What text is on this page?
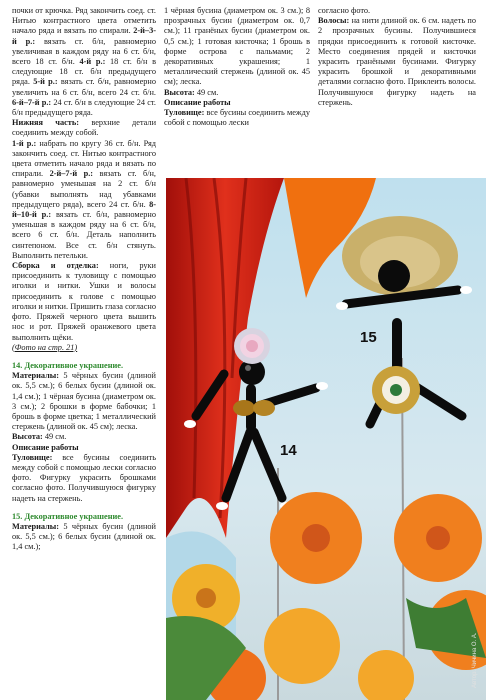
почки от крючка. Ряд закончить соед. ст. Нитью контрастного цвета отметить начало ряда и вязать по спирали. 2-й–3-й р.: вязать ст. б/н, равномерно увеличивая в каждом ряду на 6 ст. б/н, всего 18 ст. б/н. 4-й р.: 18 ст. б/н в следующие 18 ст. б/н предыдущего ряда. 5-й р.: вязать ст. б/н, равномерно увеличить на 6 ст. б/н, всего 24 ст. б/н. 6-й–7-й р.: 24 ст. б/н в следующие 24 ст. б/н предыдущего ряда.

Нижняя часть: верхние детали соединить между собой.

1-й р.: набрать по кругу 36 ст. б/н. Ряд закончить соед. ст. Нитью контрастного цвета отметить начало ряда и вязать по спирали. 2-й–7-й р.: вязать ст. б/н, равномерно уменьшая на 2 ст. б/н (убавки выполнять над убавками предыдущего ряда), всего 24 ст. б/н. 8-й–10-й р.: вязать ст. б/н, равномерно уменьшая в каждом ряду на 6 ст. б/н, всего 6 ст. б/н. Деталь наполнить синтепоном. Все ст. б/н стянуть. Выполнить петельки.

Сборка и отделка: ноги, руки присоединить к туловищу с помощью иголки и нитки. Ушки и волосы присоединить к голове с помощью иголки и нитки. Пришить глаза согласно фото. Пряжей черного цвета вышить нос и рот. Пряжей оранжевого цвета выполнить щёки.

(Фото на стр. 21)

14. Декоративное украшение.

Материалы: 5 чёрных бусин (длиной ок. 5,5 см.); 6 белых бусин (длиной ок. 1,4 см.); 1 чёрная бусина (диаметром ок. 3 см.); 2 брошки в форме бабочки; 1 брошь в форме цветка; 1 металлический стержень (длиной ок. 45 см); леска.

Высота: 49 см.

Описание работы

Туловище: все бусины соединить между собой с помощью лески согласно фото. Фигурку украсить брошками согласно фото. Получившуюся фигурку надеть на стержень.

15. Декоративное украшение.

Материалы: 5 чёрных бусин (длиной ок. 5,5 см.); 6 белых бусин (длиной ок. 1,4 см.);

1 чёрная бусина (диаметром ок. 3 см.); 8 прозрачных бусин (диаметром ок. 0,7 см.); 11 гранёных бусин (диаметром ок. 0,5 см.); 1 готовая кисточка; 1 брошь в форме острова с пальмами; 2 декоративных украшения; 1 металлический стержень (длиной ок. 45 см); леска.

Высота: 49 см.

Описание работы

Туловище: все бусины соединить между собой с помощью лески

согласно фото.

Волосы: на нити длиной ок. 6 см. надеть по 2 прозрачных бусины. Получившиеся прядки присоединить к готовой кисточке. Место соединения прядей и кисточки украсить гранёными бусинами. Фигурку украсить брошкой и декоративными деталями согласно фото. Приклеить волосы. Получившуюся фигурку надеть на стержень.

14
15
Автор: Чичина О. А.
